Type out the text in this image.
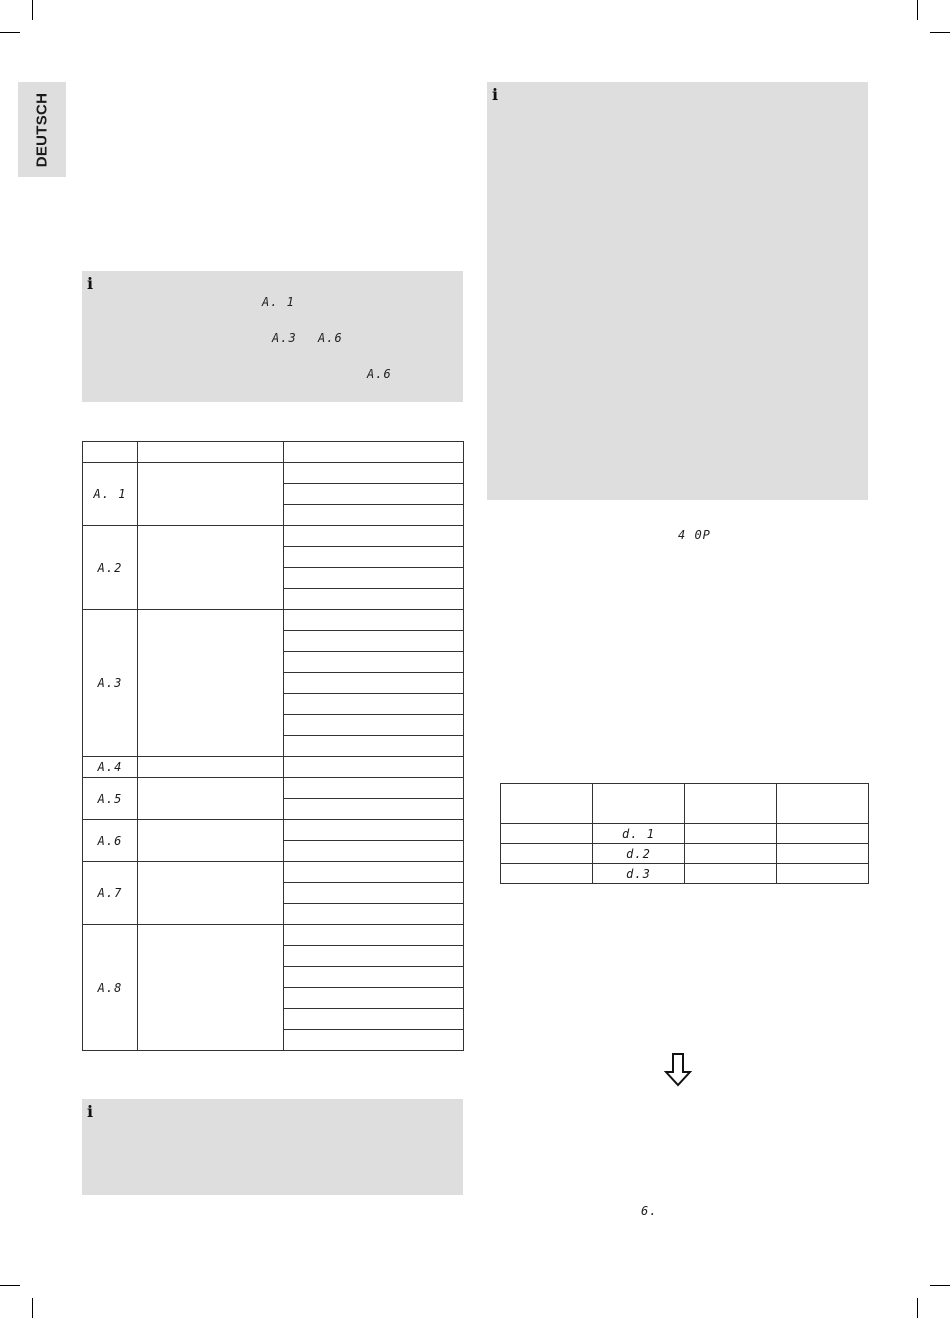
DEUTSCH
i
A. 1
A.3 A.6
A.6

A. 1		

A.2		

A.3		

A.4		
A.5		

A.6		

A.7		

A.8		

i
i
4 0P

	d. 1		
	d.2		
	d.3		
6.
